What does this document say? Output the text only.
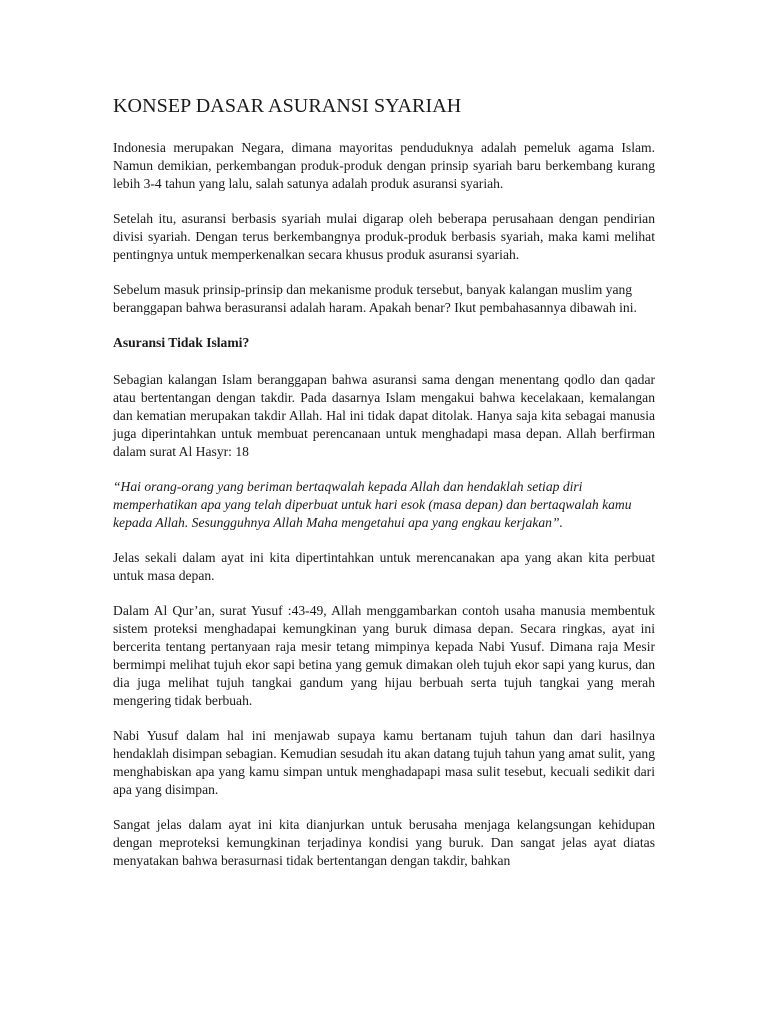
KONSEP DASAR ASURANSI SYARIAH

Indonesia merupakan Negara, dimana mayoritas penduduknya adalah pemeluk agama Islam. Namun demikian, perkembangan produk-produk dengan prinsip syariah baru berkembang kurang lebih 3-4 tahun yang lalu, salah satunya adalah produk asuransi syariah.

Setelah itu, asuransi berbasis syariah mulai digarap oleh beberapa perusahaan dengan pendirian divisi syariah. Dengan terus berkembangnya produk-produk berbasis syariah, maka kami melihat pentingnya untuk memperkenalkan secara khusus produk asuransi syariah.

Sebelum masuk prinsip-prinsip dan mekanisme produk tersebut, banyak kalangan muslim yang beranggapan bahwa berasuransi adalah haram. Apakah benar? Ikut pembahasannya dibawah ini.

Asuransi Tidak Islami?

Sebagian kalangan Islam beranggapan bahwa asuransi sama dengan menentang qodlo dan qadar atau bertentangan dengan takdir. Pada dasarnya Islam mengakui bahwa kecelakaan, kemalangan dan kematian merupakan takdir Allah. Hal ini tidak dapat ditolak. Hanya saja kita sebagai manusia juga diperintahkan untuk membuat perencanaan untuk menghadapi masa depan. Allah berfirman dalam surat Al Hasyr: 18

“Hai orang-orang yang beriman bertaqwalah kepada Allah dan hendaklah setiap diri memperhatikan apa yang telah diperbuat untuk hari esok (masa depan) dan bertaqwalah kamu kepada Allah. Sesungguhnya Allah Maha mengetahui apa yang engkau kerjakan”.

Jelas sekali dalam ayat ini kita dipertintahkan untuk merencanakan apa yang akan kita perbuat untuk masa depan.

Dalam Al Qur’an, surat Yusuf :43-49, Allah menggambarkan contoh usaha manusia membentuk sistem proteksi menghadapai kemungkinan yang buruk dimasa depan. Secara ringkas, ayat ini bercerita tentang pertanyaan raja mesir tetang mimpinya kepada Nabi Yusuf. Dimana raja Mesir bermimpi melihat tujuh ekor sapi betina yang gemuk dimakan oleh tujuh ekor sapi yang kurus, dan dia juga melihat tujuh tangkai gandum yang hijau berbuah serta tujuh tangkai yang merah mengering tidak berbuah.

Nabi Yusuf dalam hal ini menjawab supaya kamu bertanam tujuh tahun dan dari hasilnya hendaklah disimpan sebagian. Kemudian sesudah itu akan datang tujuh tahun yang amat sulit, yang menghabiskan apa yang kamu simpan untuk menghadapapi masa sulit tesebut, kecuali sedikit dari apa yang disimpan.

Sangat jelas dalam ayat ini kita dianjurkan untuk berusaha menjaga kelangsungan kehidupan dengan meproteksi kemungkinan terjadinya kondisi yang buruk. Dan sangat jelas ayat diatas menyatakan bahwa berasurnasi tidak bertentangan dengan takdir, bahkan
